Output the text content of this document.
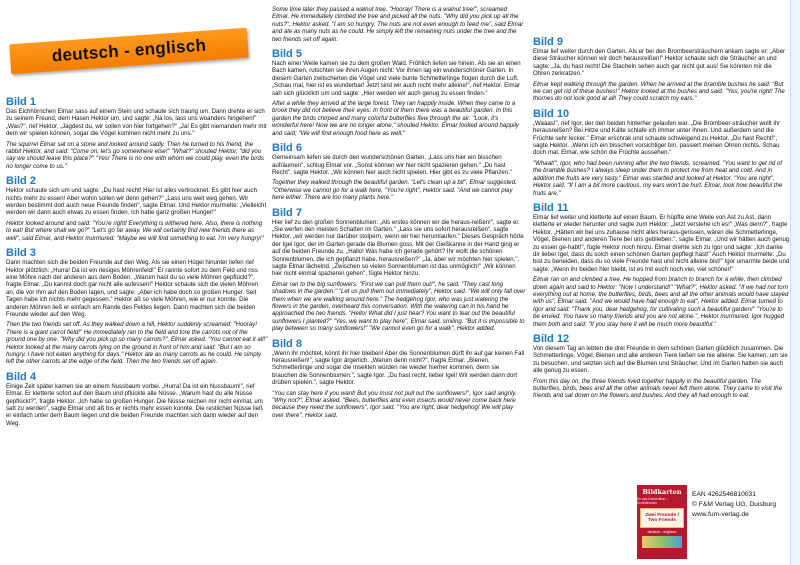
deutsch - englisch
Bild 1

Das Eichhörnchen Elmar sass auf einem Stein und schaute sich traurig um. Dann drehte er sich zu seinem Freund, dem Hasen Hektor um, und sagte: „Na los, lass uns woanders hingehen!" „Was?", rief Hektor, „Jagdest du, wir sollen von hier fortgehen?" „Ja! Es gibt niemanden mehr mit dem wir spielen können, sogar die Vögel kommen nicht mehr zu uns."

The squirrel Elmar sat on a stone and looked around sadly. Then he turned to his friend, the rabbit Hektor, and said: "Come on, let's go somewhere else!" "What?" shouted Hektor, "did you say we should leave this place?" "Yes! There is no one with whom we could play, even the birds no longer come to us."

Bild 2

Hektor schaute sich um und sagte: „Du hast recht! Hier ist alles vertrocknet. Es gibt hier auch nichts mehr zu essen! Aber wohin sollen wir denn gehen?" „Lass uns weit weg gehen. Wir werden bestimmt dort auch neue Freunde finden", sagte Elmar. Und Hektor murmelte: „Vielleicht werden wir dann auch etwas zu essen finden. Ich habe ganz großen Hunger!"

Hektor looked around and said: "You're right! Everything is withered here. Also, there is nothing to eat! But where shall we go?" "Let's go far away. We will certainly find new friends there as well", said Elmar, and Hektor murmured: "Maybe we will find something to eat. I'm very hungry!"

Bild 3

Dann machten sich die beiden Freunde auf den Weg. Als sie einen Hügel hinunter liefen rief Hektor plötzlich: „Hurra! Da ist ein riesiges Möhrenfeld!" Er rannte sofort zu dem Feld und riss eine Möhre nach der anderen aus dem Boden. „Warum hast du so viele Möhren gepflückt?", fragte Elmar. „Du kannst doch gar nicht alle aufessen!" Hektor schaute sich die vielen Möhren an, die vor ihm auf den Boden lagen, und sagte: „Aber ich habe doch so großen Hunger. Seit Tagen habe ich nichts mehr gegessen." Hektor aß so viele Möhren, wie er nur konnte. Die anderen Möhren ließ er einfach am Rande des Feldes liegen. Dann machten sich die beiden Freunde wieder auf den Weg.

Then the two friends set off. As they walked down a hill, Hektor suddenly screamed: "Hooray! There is a giant carrot field!" He immediately ran to the field and tore the carrots out of the ground one by one. "Why did you pick up so many carrots?", Elmar asked. "You cannot eat it all!" Hektor looked at the many carrots lying on the ground in front of him and said: "But I am so hungry. I have not eaten anything for days." Hektor ate as many carrots as he could. He simply left the other carrots at the edge of the field. Then the two friends set off again.

Bild 4

Einige Zeit später kamen sie an einem Nussbaum vorbei. „Hurra! Da ist ein Nussbaum!", rief Elmar. Er kletterte sofort auf den Baum und pflückte alle Nüsse. „Warum hast du alle Nüsse gepflückt?", fragte Hektor. „Ich habe so großen Hunger. Die Nüsse reichen mir nicht einmal, um satt zu werden", sagte Elmar und aß bis er nichts mehr essen konnte. Die restlichen Nüsse ließ er einfach unter dem Baum liegen und die beiden Freunde machten sich dann wieder auf den Weg.

Some time later they passed a walnut tree. "Hooray! There is a walnut tree!", screamed Elmar. He immediately climbed the tree and picked all the nuts. "Why did you pick up all the nuts?", Hektor asked. "I am so hungry. The nuts are not even enough to feed me", said Elmar and ate as many nuts as he could. He simply left the remaining nuts under the tree and the two friends set off again.

Bild 5

Nach einer Weile kamen sie zu dem großen Wald. Fröhlich liefen sie hinein. Als sie an einen Bach kamen, rutschten sie ihren Augen nicht: Vor ihnen lag ein wunderschöner Garten. In diesem Garten zwitscherten die Vögel und viele bunte Schmetterlinge flogen durch die Luft. „Schau mal, hier ist es wunderbar! Jetzt sind wir auch nicht mehr alleine!", rief Hektor. Elmar sah sich glücklich um und sagte: „Hier werden wir auch genug zu essen finden."

After a while they arrived at the large forest. They ran happily inside. When they came to a brook they did not believe their eyes: In front of them there was a beautiful garden. In this garden the birds chirped and many colorful butterflies flew through the air. "Look, it's wonderful here! Now we are no longer alone," shouted Hektor. Elmar looked around happily and said; "We will find enough food here as well."

Bild 6

Gemeinsam liefen sie durch den wunderschönen Garten. „Lass uns hier ein bisschen aufräumen", schlug Elmar vor. „Sonst können wir hier nicht spazieren gehen." „Du hast Recht", sagte Hektor. „Wir können hier auch nicht spielen. Hier gibt es zu viele Pflanzen."

Together they walked through the beautiful garden. "Let's clean up a bit", Elmar suggested. "Otherwise we cannot go for a walk here. "You're right", Hektor said. "And we cannot play here either. There are too many plants here."

Bild 7

Hier lief zu den großen Sonnenblumen: „Als erstes können wir die heraus-reißen!", sagte er. „Sie werfen den meisten Schatten im Garten." „Lass sie uns sofort herausreißen", sagte Hektor, „wir werden nur darüber stolpern, wenn wir hier herumlaufen." Dieses Gespräch hörte der Igel Igor, der im Garten gerade die Blumen goss. Mit der Gießkanne in der Hand ging er auf die beiden Freunde zu. „Hallo! Was habe ich gerade gehört? Ihr wollt die schönen Sonnenblumen, die ich gepflanzt habe, herausreißen?" „Ja, aber wir möchten hier spielen.", sagte Elmar lächelnd. „Zwischen so vielen Sonnenblumen ist das unmöglich!" „Wir können hier nicht einmal spazieren gehen", fügte Hektor hinzu.

Elmar ran to the big sunflowers: "First we can pull them out!", he said. "They cast long shadows in the garden." "Let us pull them out immediately", Hektor said. "We will only fall over them when we are walking around here." The hedgehog Igor, who was just watering the flowers in the garden, overheard this conversation. With the watering can in his hand he approached the two friends. "Hello! What did I just hear? You want to tear out the beautiful sunflowers I planted?" "Yes, we want to play here", Elmar said, smiling. "But it is impossible to play between so many sunflowers!" "We cannot even go for a walk", Hektor added.

Bild 8

„Wenn ihr möchtet, könnt ihr hier bleiben! Aber die Sonnenblumen dürft ihr auf gar keinen Fall herausreißen!", sagte Igor ärgerlich. „Warum denn nicht?", fragte Elmar. „Bienen, Schmetterlinge und sogar die Insekten würden nie wieder hierher kommen, denn sie brauchen die Sonnenblumen.", sagte Igor. „Du hast recht, lieber Igel! Wir werden dann dort drüben spielen.", sagte Hektor.

"You can stay here if you want! But you must not pull out the sunflowers!", Igor said angrily. "Why not?", Elmar asked. "Bees, butterflies and even insects would never come back here because they need the sunflowers", Igor said. "You are right, dear hedgehog! We will play over there", Hektor said.

Bild 9

Elmar lief weiter durch den Garten. Als er bei den Brombeersträuchern ankam sagte er: „Aber diese Sträucher können wir doch herausreißen!" Hektor schaute sich die Sträucher an und sagte: „Ja, du hast recht! Die Stacheln sehen auch gar nicht gut aus! Sie könnten mir die Ohren zerkratzen."

Elmar kept walking through the garden. When he arrived at the bramble bushes he said: "But we can get rid of these bushes!" Hektor looked at the bushes and said: "Yes, you're right! The thornes do not look good at all! They could scratch my ears."

Bild 10

„Waaas!", rief Igor, der den beiden hinterher gelaufen war. „Die Brombeer-sträucher wollt ihr herausreißen? Bei Hitze und Kälte schlafe ich immer unter ihnen. Und außerdem sind die Früchte sehr lecker." Elmar erschrak und schaute schweigend zu Hektor. „Du hast Recht!", sagte Hektor. „Wenn ich ein bisschen vorsichtiger bin, passiert meinen Ohren nichts. Schau doch mal, Elmar, wie schön die Früchte aussehen."

"Whaat!", Igor, who had been running after the two friends, screamed. "You want to get rid of the bramble bushes? I always sleep under them to protect me from heat and cold. And in addition the fruits are very tasty." Elmar was startled and looked at Hektor. "You are right", Hektor said. "If I am a bit more cautious, my ears won't be hurt. Elmar, look how beautiful the fruits are."

Bild 11

Elmar lief weiter und kletterte auf einen Baum. Er hüpfte eine Weile von Ast zu Ast, dann kletterte er wieder herunter und sagte zum Hektor: „Jetzt verstehe ich es!" „Was denn?", fragte Hektor. „Hätten wir bei uns zuhause nicht alles heraus-gerissen, wären die Schmetterlinge, Vögel, Bienen und anderen Tiere bei uns geblieben.", sagte Elmar. „Und wir hätten auch genug zu essen ge-habt!", fügte Hektor noch hinzu. Elmar drehte sich zu Igor und sagte: „Ich danke dir lieber Igel, dass du solch einen schönen Garten gepflegt hast!" Auch Hektor murmelte: „Du bist zu beneiden, dass du so viele Freunde hast und nicht alleine bist!" Igor umarmte beide und sagte: „Wenn ihr beiden hier bleibt, ist es mit euch noch viel, viel schöner!"

Elmar ran on and climbed a tree. He hopped from branch to branch for a while, then climbed down again and said to Hektor: "Now I understand!" "What?", Hektor asked. "If we had not torn everything out at home, the butterflies, birds, bees and all the other animals would have stayed with us", Elmar said. "And we would have had enough to eat", Hektor added. Elmar turned to Igor and said: "Thank you, dear hedgehog, for cultivating such a beautiful garden!" "You're to be envied. You have so many friends and you are not alone.", Hektor murmured. Igor hugged them both and said: "If you stay here it will be much more beautiful."

Bild 12

Von diesem Tag an lebten die drei Freunde in dem schönen Garten glücklich zusammen. Die Schmetterlinge, Vögel, Bienen und alle anderen Tiere ließen sie nie alleine. Sie kamen, um sie zu besuchen, und setzten sich auf die Blumen und Sträucher. Und im Garten hatten sie auch alle genug zu essen.

From this day on, the three friends lived together happily in the beautiful garden. The butterflies, birds, bees and all the other animals never left them alone. They came to visit the friends and sat down on the flowers and bushes. And they all had enough to eat.

Bildkarten
für das Kamishibai – Erzähltheater
Zwei Freunde /
Two Friends
deutsch - englisch
EAN 4262546810031
© F&M Verlag UG, Duisburg
www.fum-verlag.de
